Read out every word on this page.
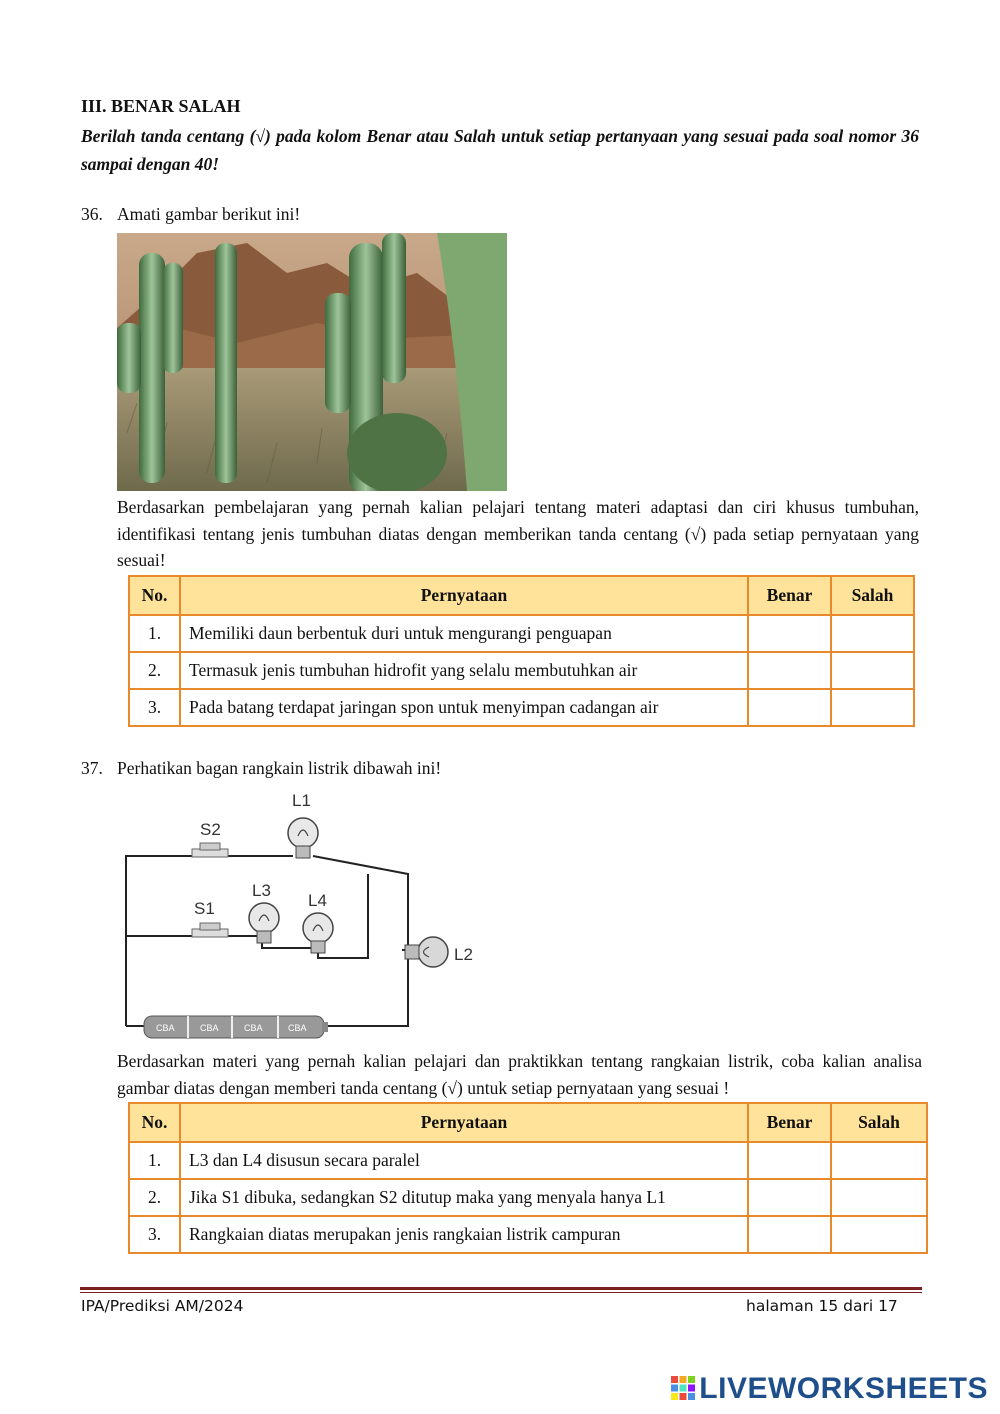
III. BENAR SALAH
Berilah tanda centang (√) pada kolom Benar atau Salah untuk setiap pertanyaan yang sesuai pada soal nomor 36 sampai dengan 40!
36. Amati gambar berikut ini!
Berdasarkan pembelajaran yang pernah kalian pelajari tentang materi adaptasi dan ciri khusus tumbuhan, identifikasi tentang jenis tumbuhan diatas dengan memberikan tanda centang (√) pada setiap pernyataan yang sesuai!
No.	Pernyataan	Benar	Salah
1.	Memiliki daun berbentuk duri untuk mengurangi penguapan		
2.	Termasuk jenis tumbuhan hidrofit yang selalu membutuhkan air		
3.	Pada batang terdapat jaringan spon untuk menyimpan cadangan air		
37. Perhatikan bagan rangkain listrik dibawah ini!
CBA	CBA	CBA	CBA
L1
S2
L3
L4
S1
L2
Berdasarkan materi yang pernah kalian pelajari dan praktikkan tentang rangkaian listrik, coba kalian analisa gambar diatas dengan memberi tanda centang (√) untuk setiap pernyataan yang sesuai !
No.	Pernyataan	Benar	Salah
1.	L3 dan L4 disusun secara paralel		
2.	Jika S1 dibuka, sedangkan S2 ditutup maka yang menyala hanya L1		
3.	Rangkaian diatas merupakan jenis rangkaian listrik campuran		
IPA/Prediksi AM/2024	halaman 15 dari 17
LIVEWORKSHEETS
